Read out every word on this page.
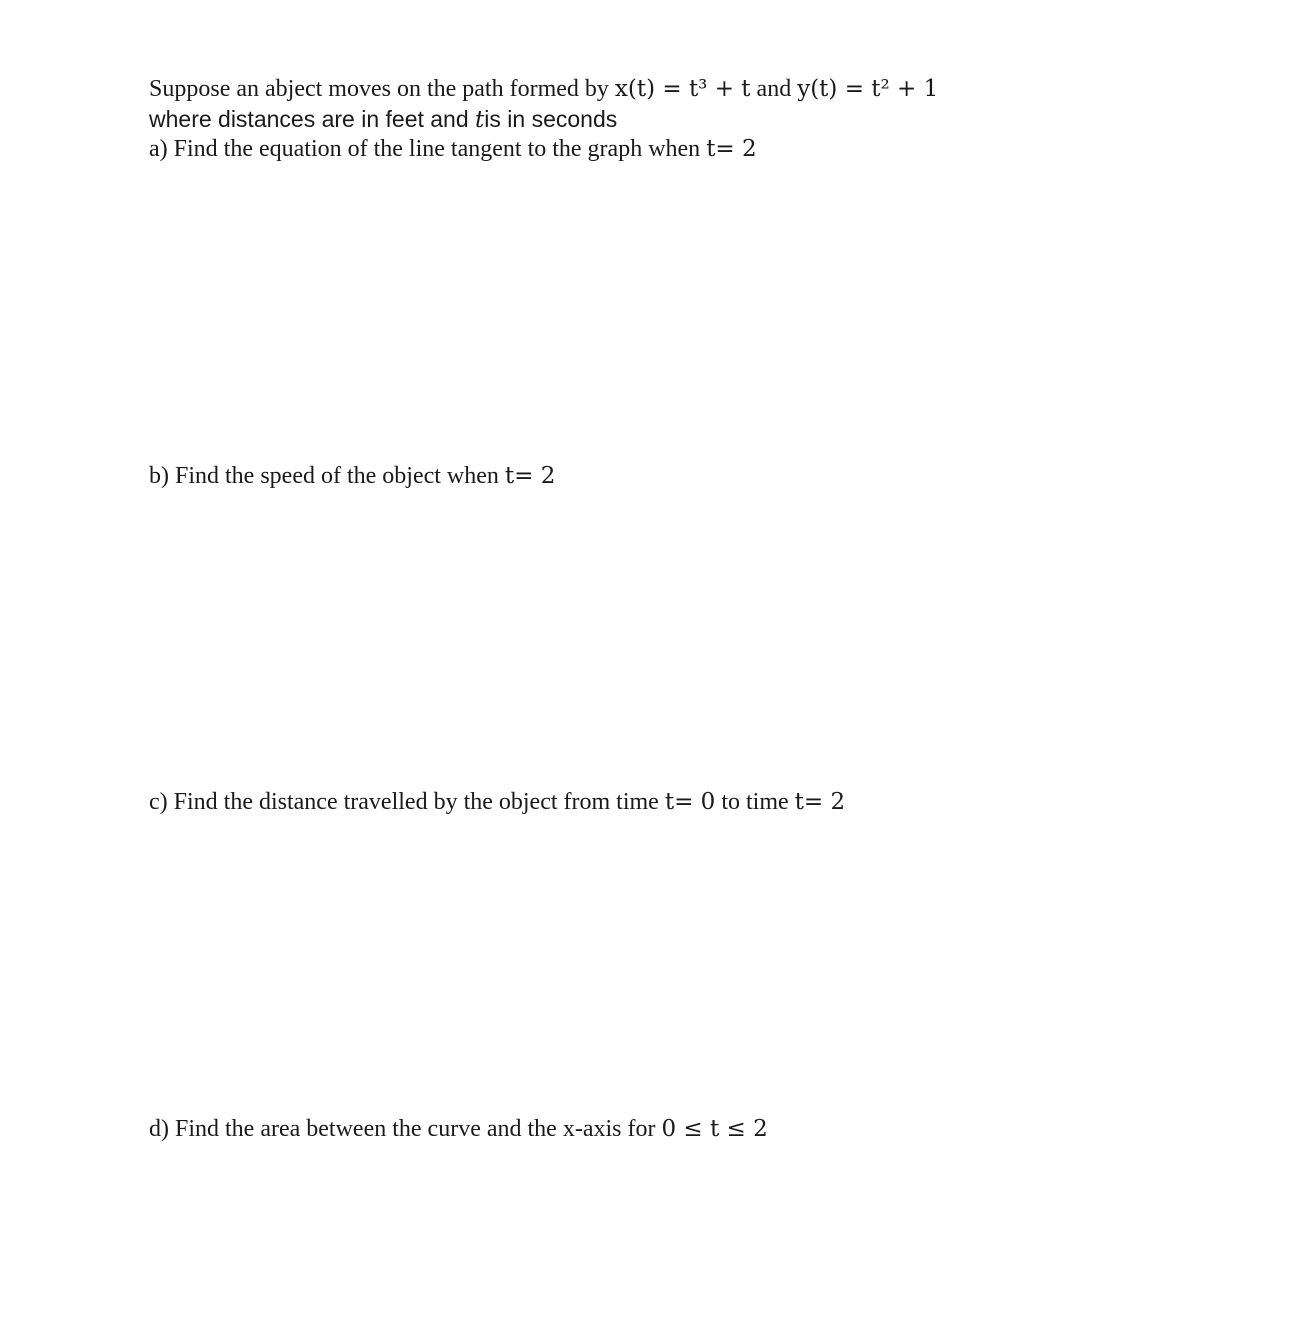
Suppose an abject moves on the path formed by x(t) = t³ + t and y(t) = t² + 1
where distances are in feet and tis in seconds
a) Find the equation of the line tangent to the graph when t= 2
b) Find the speed of the object when t= 2
c) Find the distance travelled by the object from time t= 0 to time t= 2
d) Find the area between the curve and the x-axis for 0 ≤ t ≤ 2
